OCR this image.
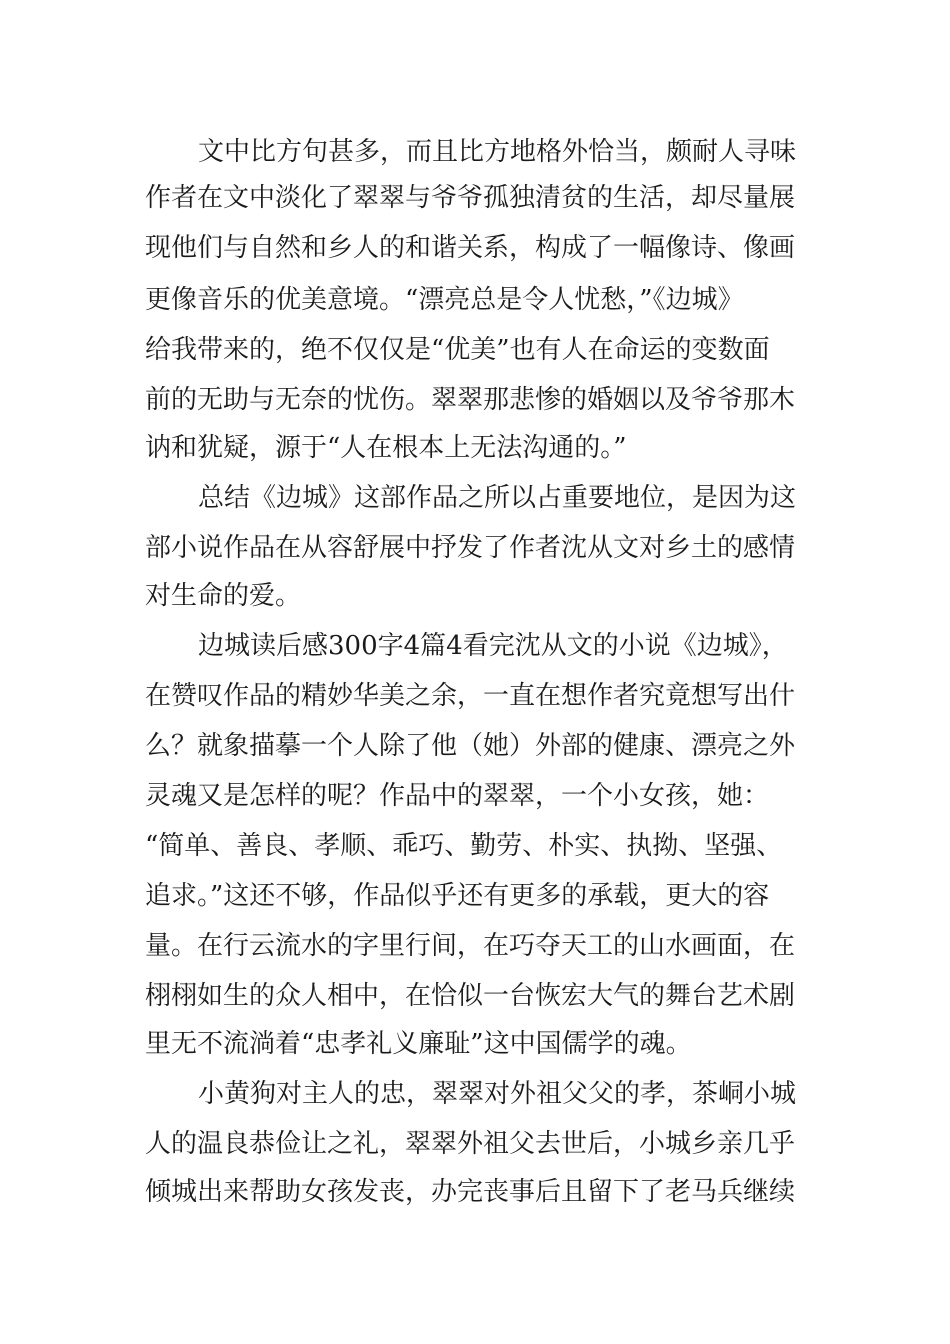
文中比方句甚多，而且比方地格外恰当，颇耐人寻味
作者在文中淡化了翠翠与爷爷孤独清贫的生活，却尽量展
现他们与自然和乡人的和谐关系，构成了一幅像诗、像画
更像音乐的优美意境。“漂亮总是令人忧愁，”《边城》
给我带来的，绝不仅仅是“优美”也有人在命运的变数面
前的无助与无奈的忧伤。翠翠那悲惨的婚姻以及爷爷那木
讷和犹疑，源于“人在根本上无法沟通的。”
总结《边城》这部作品之所以占重要地位，是因为这
部小说作品在从容舒展中抒发了作者沈从文对乡土的感情
对生命的爱。
边城读后感300字4篇4看完沈从文的小说《边城》，
在赞叹作品的精妙华美之余，一直在想作者究竟想写出什
么？就象描摹一个人除了他（她）外部的健康、漂亮之外
灵魂又是怎样的呢？作品中的翠翠，一个小女孩，她：
“简单、善良、孝顺、乖巧、勤劳、朴实、执拗、坚强、
追求。”这还不够，作品似乎还有更多的承载，更大的容
量。在行云流水的字里行间，在巧夺天工的山水画面，在
栩栩如生的众人相中，在恰似一台恢宏大气的舞台艺术剧
里无不流淌着“忠孝礼义廉耻”这中国儒学的魂。
小黄狗对主人的忠，翠翠对外祖父父的孝，茶峒小城
人的温良恭俭让之礼，翠翠外祖父去世后，小城乡亲几乎
倾城出来帮助女孩发丧，办完丧事后且留下了老马兵继续
